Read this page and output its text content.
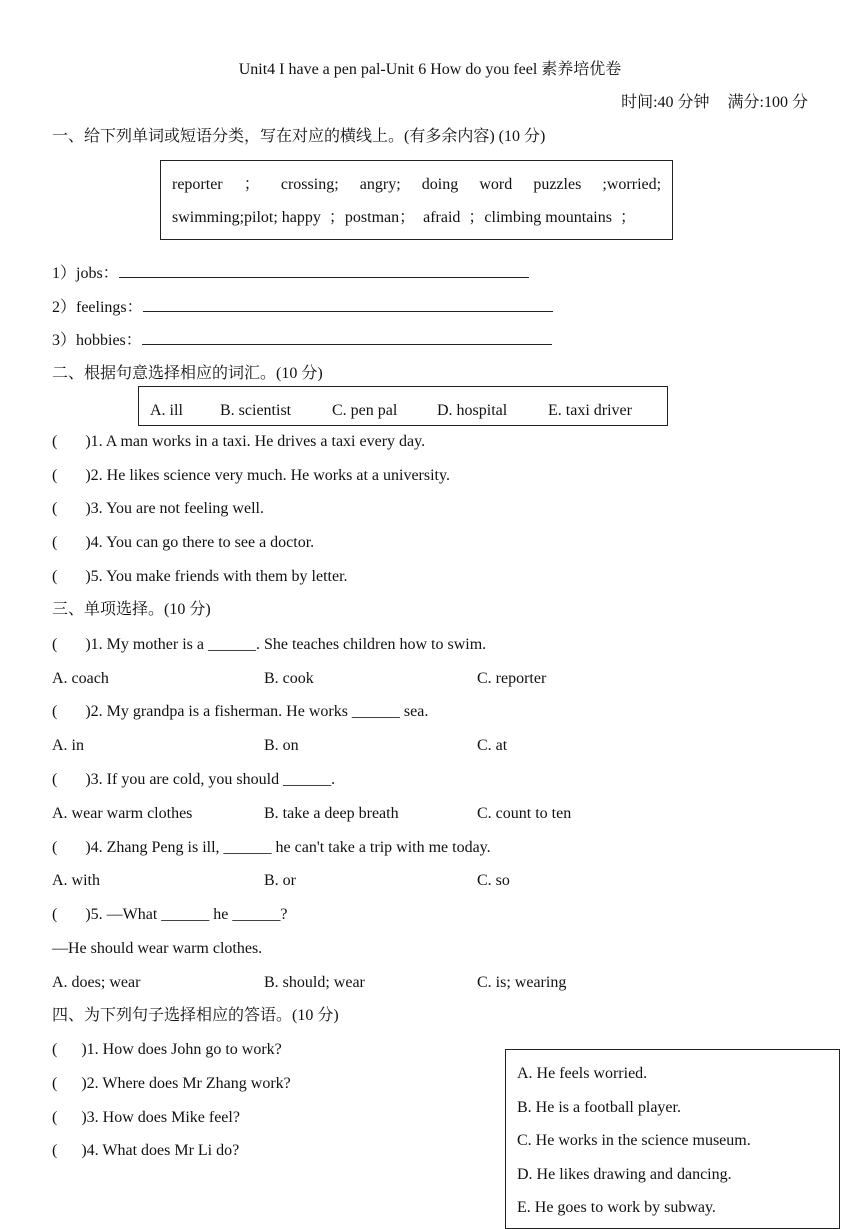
Unit4 I have a pen pal-Unit 6 How do you feel 素养培优卷
时间:40 分钟 满分:100 分
一、给下列单词或短语分类，写在对应的横线上。(有多余内容) (10 分)
reporter ； crossing; angry; doing word puzzles ;worried;
swimming;pilot; happy  ；postman；  afraid  ；climbing mountains  ；
1）jobs：
2）feelings：
3）hobbies：
二、根据句意选择相应的词汇。(10 分)
A. ill B. scientist	C. pen pal D. hospital	E. taxi driver
(       )1. A man works in a taxi. He drives a taxi every day.
(       )2. He likes science very much. He works at a university.
(       )3. You are not feeling well.
(       )4. You can go there to see a doctor.
(       )5. You make friends with them by letter.
三、单项选择。(10 分)
(       )1. My mother is a ______. She teaches children how to swim.
A. coach	B. cook	C. reporter
(       )2. My grandpa is a fisherman. He works ______ sea.
A. in	B. on	C. at
(       )3. If you are cold, you should ______.
A. wear warm clothes	B. take a deep breath	C. count to ten
(       )4. Zhang Peng is ill, ______ he can't take a trip with me today.
A. with	B. or	C. so
(       )5. —What ______ he ______?
—He should wear warm clothes.
A. does; wear	B. should; wear	C. is; wearing
四、为下列句子选择相应的答语。(10 分)
(      )1. How does John go to work?
(      )2. Where does Mr Zhang work?
(      )3. How does Mike feel?
(      )4. What does Mr Li do?
A. He feels worried.
B. He is a football player.
C. He works in the science museum.
D. He likes drawing and dancing.
E. He goes to work by subway.
